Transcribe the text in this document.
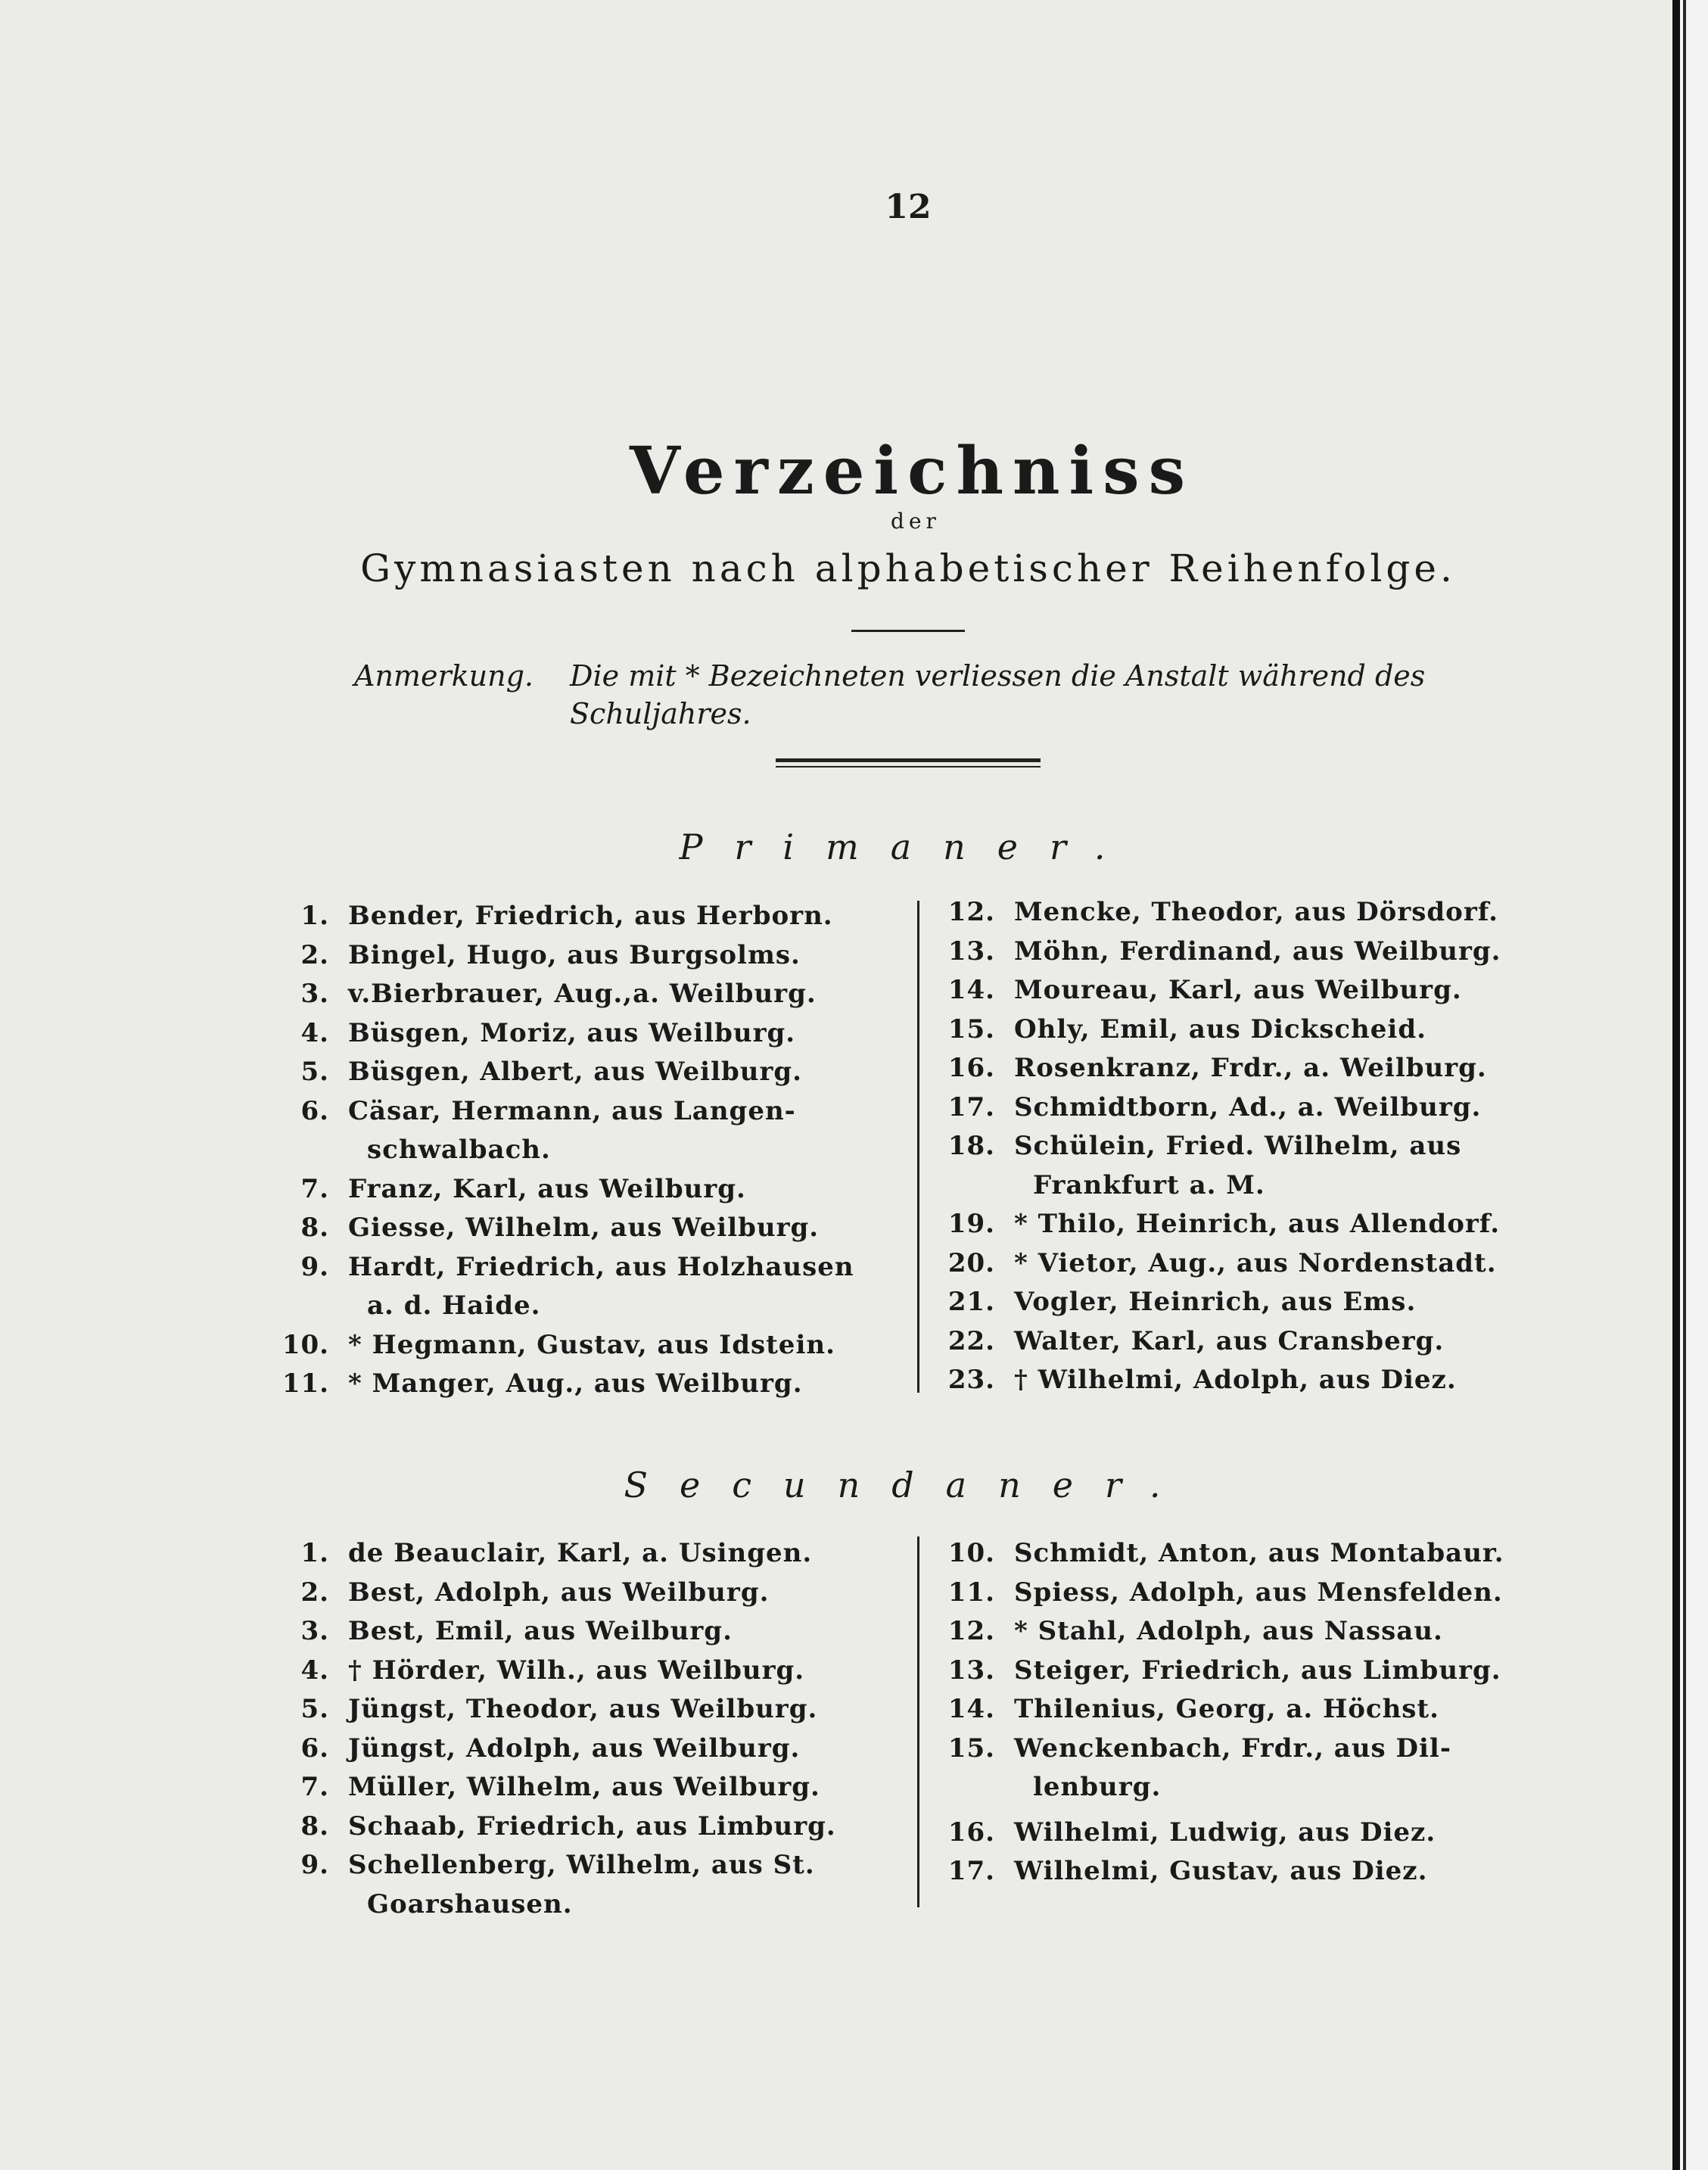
12
Verzeichniss
der
Gymnasiasten nach alphabetischer Reihenfolge.
Anmerkung. Die mit * Bezeichneten verliessen die Anstalt während des
Schuljahres.
Primaner.
1. Bender, Friedrich, aus Herborn.
2. Bingel, Hugo, aus Burgsolms.
3. v.Bierbrauer, Aug.,a. Weilburg.
4. Büsgen, Moriz, aus Weilburg.
5. Büsgen, Albert, aus Weilburg.
6. Cäsar, Hermann, aus Langen-
schwalbach.
7. Franz, Karl, aus Weilburg.
8. Giesse, Wilhelm, aus Weilburg.
9. Hardt, Friedrich, aus Holzhausen
a. d. Haide.
10. * Hegmann, Gustav, aus Idstein.
11. * Manger, Aug., aus Weilburg.
12. Mencke, Theodor, aus Dörsdorf.
13. Möhn, Ferdinand, aus Weilburg.
14. Moureau, Karl, aus Weilburg.
15. Ohly, Emil, aus Dickscheid.
16. Rosenkranz, Frdr., a. Weilburg.
17. Schmidtborn, Ad., a. Weilburg.
18. Schülein, Fried. Wilhelm, aus
Frankfurt a. M.
19. * Thilo, Heinrich, aus Allendorf.
20. * Vietor, Aug., aus Nordenstadt.
21. Vogler, Heinrich, aus Ems.
22. Walter, Karl, aus Cransberg.
23. † Wilhelmi, Adolph, aus Diez.
Secundaner.
1. de Beauclair, Karl, a. Usingen.
2. Best, Adolph, aus Weilburg.
3. Best, Emil, aus Weilburg.
4. † Hörder, Wilh., aus Weilburg.
5. Jüngst, Theodor, aus Weilburg.
6. Jüngst, Adolph, aus Weilburg.
7. Müller, Wilhelm, aus Weilburg.
8. Schaab, Friedrich, aus Limburg.
9. Schellenberg, Wilhelm, aus St.
Goarshausen.
10. Schmidt, Anton, aus Montabaur.
11. Spiess, Adolph, aus Mensfelden.
12. * Stahl, Adolph, aus Nassau.
13. Steiger, Friedrich, aus Limburg.
14. Thilenius, Georg, a. Höchst.
15. Wenckenbach, Frdr., aus Dil-
lenburg.
16. Wilhelmi, Ludwig, aus Diez.
17. Wilhelmi, Gustav, aus Diez.
